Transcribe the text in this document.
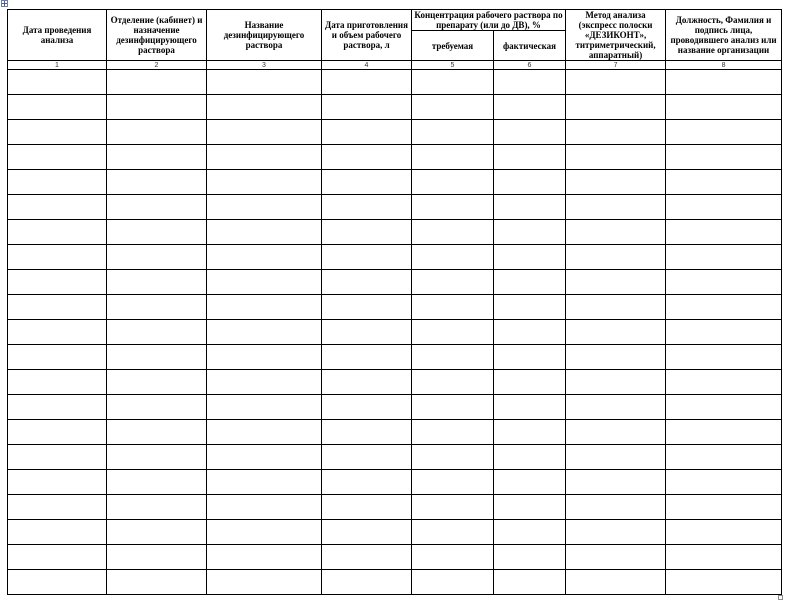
Дата проведения анализа	Отделение (кабинет) и назначение дезинфицирующего раствора	Название дезинфицирующего раствора	Дата приготовления и объем рабочего раствора, л	Концентрация рабочего раствора по препарату (или до ДВ), %		Метод анализа (экспресс полоски «ДЕЗИКОНТ», титриметрический, аппаратный)	Должность, Фамилия и подпись лица, проводившего анализ или название организации
				требуемая	фактическая		
1	2	3	4	5	6	7	8
